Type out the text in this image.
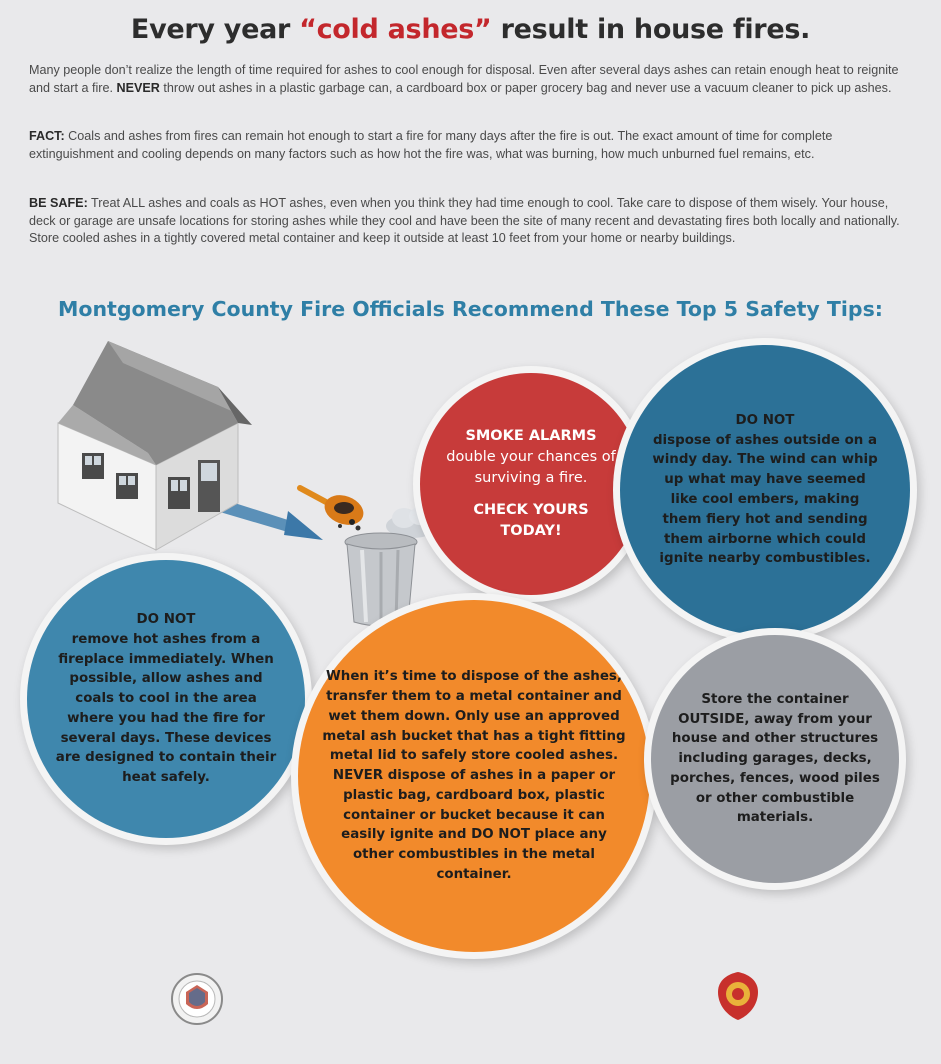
Every year “cold ashes” result in house fires.
Many people don’t realize the length of time required for ashes to cool enough for disposal. Even after several days ashes can retain enough heat to reignite and start a fire. NEVER throw out ashes in a plastic garbage can, a cardboard box or paper grocery bag and never use a vacuum cleaner to pick up ashes.
FACT: Coals and ashes from fires can remain hot enough to start a fire for many days after the fire is out. The exact amount of time for complete extinguishment and cooling depends on many factors such as how hot the fire was, what was burning, how much unburned fuel remains, etc.
BE SAFE: Treat ALL ashes and coals as HOT ashes, even when you think they had time enough to cool. Take care to dispose of them wisely. Your house, deck or garage are unsafe locations for storing ashes while they cool and have been the site of many recent and devastating fires both locally and nationally. Store cooled ashes in a tightly covered metal container and keep it outside at least 10 feet from your home or nearby buildings.
Montgomery County Fire Officials Recommend These Top 5 Safety Tips:
SMOKE ALARMS
double your chances of surviving a fire.
CHECK YOURS TODAY!
DO NOT
dispose of ashes outside on a windy day. The wind can whip up what may have seemed like cool embers, making them fiery hot and sending them airborne which could ignite nearby combustibles.
DO NOT
remove hot ashes from a fireplace immediately. When possible, allow ashes and coals to cool in the area where you had the fire for several days. These devices are designed to contain their heat safely.
When it’s time to dispose of the ashes, transfer them to a metal container and wet them down. Only use an approved metal ash bucket that has a tight fitting metal lid to safely store cooled ashes. NEVER dispose of ashes in a paper or plastic bag, cardboard box, plastic container or bucket because it can easily ignite and DO NOT place any other combustibles in the metal container.
Store the container OUTSIDE, away from your house and other structures including garages, decks, porches, fences, wood piles or other combustible materials.
